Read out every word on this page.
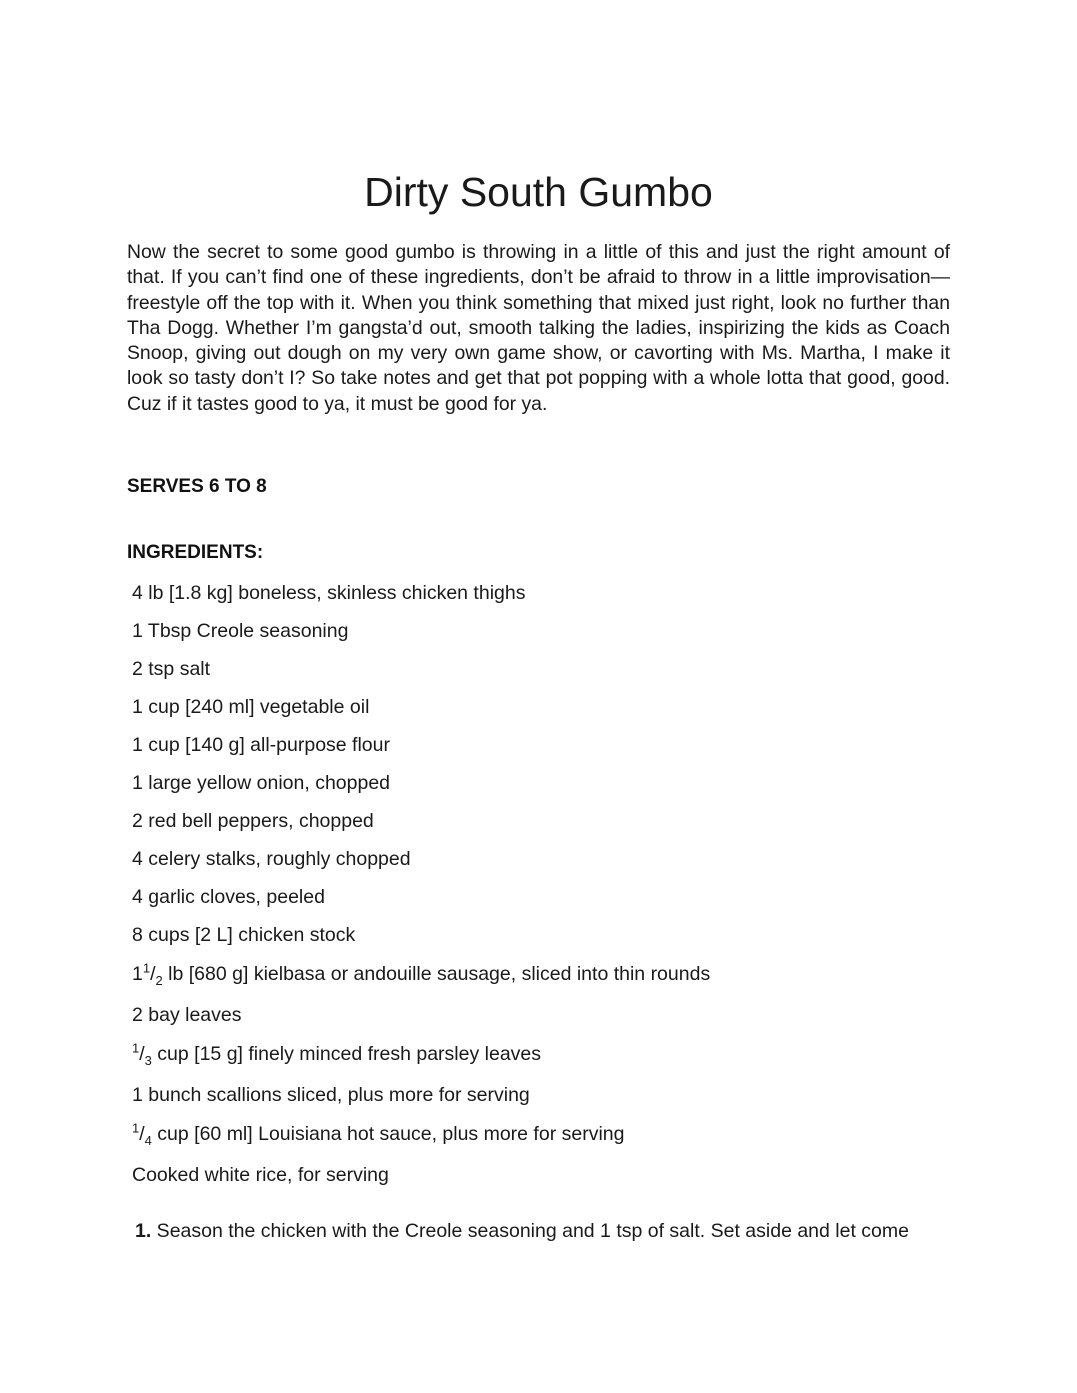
Dirty South Gumbo

Now the secret to some good gumbo is throwing in a little of this and just the right amount of that. If you can’t find one of these ingredients, don’t be afraid to throw in a little improvisation—freestyle off the top with it. When you think something that mixed just right, look no further than Tha Dogg. Whether I’m gangsta’d out, smooth talking the ladies, inspirizing the kids as Coach Snoop, giving out dough on my very own game show, or cavorting with Ms. Martha, I make it look so tasty don’t I? So take notes and get that pot popping with a whole lotta that good, good. Cuz if it tastes good to ya, it must be good for ya.

SERVES 6 TO 8

INGREDIENTS:

4 lb [1.8 kg] boneless, skinless chicken thighs
1 Tbsp Creole seasoning
2 tsp salt
1 cup [240 ml] vegetable oil
1 cup [140 g] all-purpose flour
1 large yellow onion, chopped
2 red bell peppers, chopped
4 celery stalks, roughly chopped
4 garlic cloves, peeled
8 cups [2 L] chicken stock
$1^1/_2$ lb [680 g] kielbasa or andouille sausage, sliced into thin rounds
2 bay leaves
$^1/_3$ cup [15 g] finely minced fresh parsley leaves
1 bunch scallions sliced, plus more for serving
$^1/_4$ cup [60 ml] Louisiana hot sauce, plus more for serving
Cooked white rice, for serving

1. Season the chicken with the Creole seasoning and 1 tsp of salt. Set aside and let come
